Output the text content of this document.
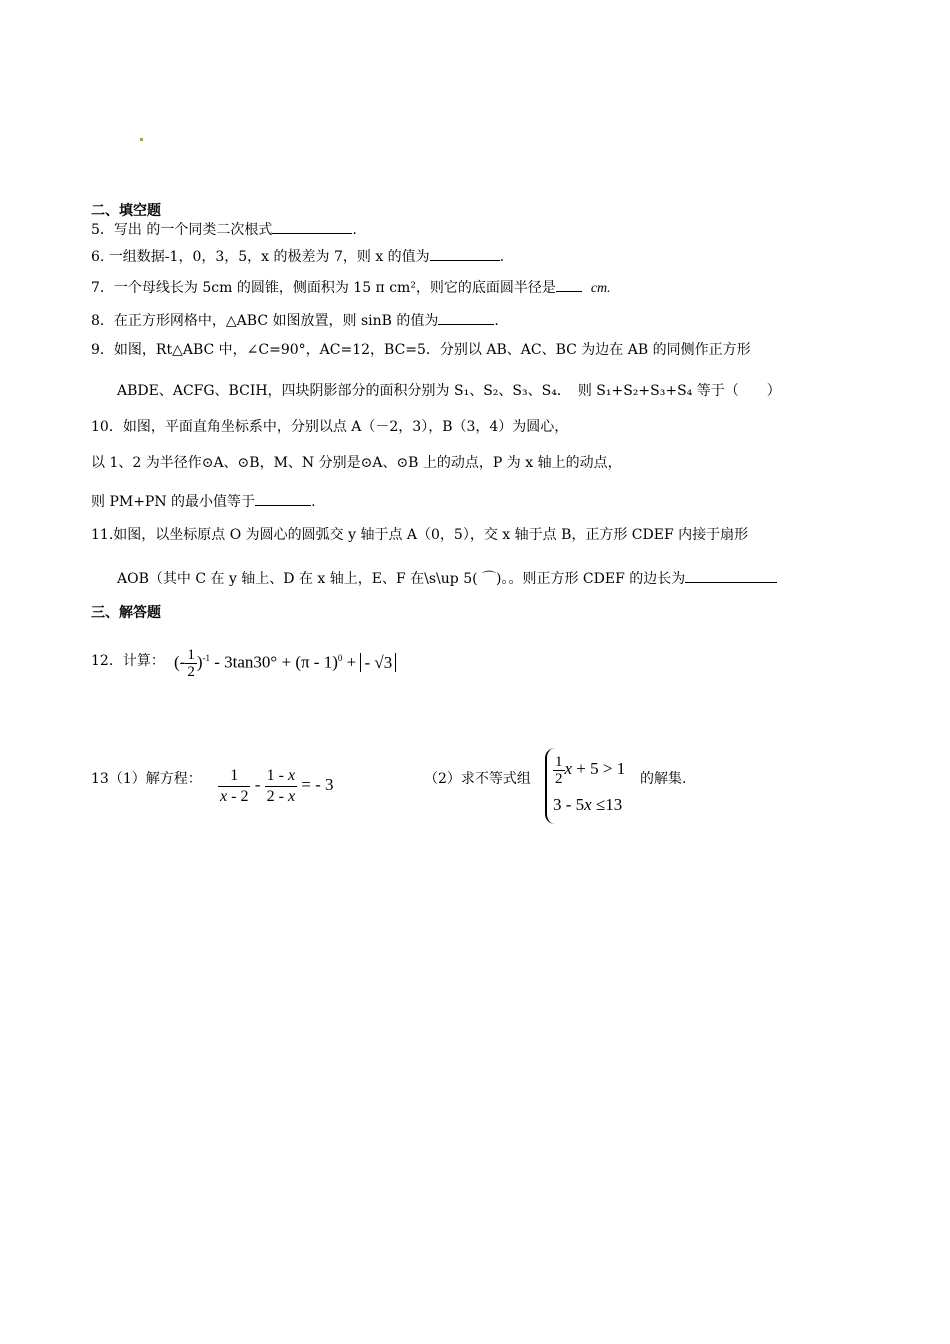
二、填空题
5．写出 的一个同类二次根式	.
6. 一组数据-1，0，3，5，x 的极差为 7，则 x 的值为	.
7．一个母线长为 5cm 的圆锥，侧面积为 15 π cm²，则它的底面圆半径是 cm.
8．在正方形网格中，△ABC 如图放置，则 sinB 的值为	.
9．如图，Rt△ABC 中，∠C=90°，AC=12，BC=5．分别以 AB、AC、BC 为边在 AB 的同侧作正方形
ABDE、ACFG、BCIH，四块阴影部分的面积分别为 S₁、S₂、S₃、S₄．　则 S₁+S₂+S₃+S₄ 等于（　　）
10．如图，平面直角坐标系中，分别以点 A（－2，3），B（3，4）为圆心，
以 1、2 为半径作⊙A、⊙B，M、N 分别是⊙A、⊙B 上的动点，P 为 x 轴上的动点，
则 PM+PN 的最小值等于	.
11.如图，以坐标原点 O 为圆心的圆弧交 y 轴于点 A（0，5），交 x 轴于点 B，正方形 CDEF 内接于扇形
AOB（其中 C 在 y 轴上、D 在 x 轴上，E、F 在\s\up 5( ⌒)。。则正方形 CDEF 的边长为
三、解答题
12．计算： (- $\frac{1}{2} )^{-1} - 3\tan 30^\circ + (\pi - 1)^0$ + - √3
13（1）解方程： $\frac{1}{x - 2} - \frac{1 - x}{2 - x}$ = - 3	（2）求不等式组 $\frac{1}{2}$ x + 5 > 1
3 - 5x ≤13
的解集.
